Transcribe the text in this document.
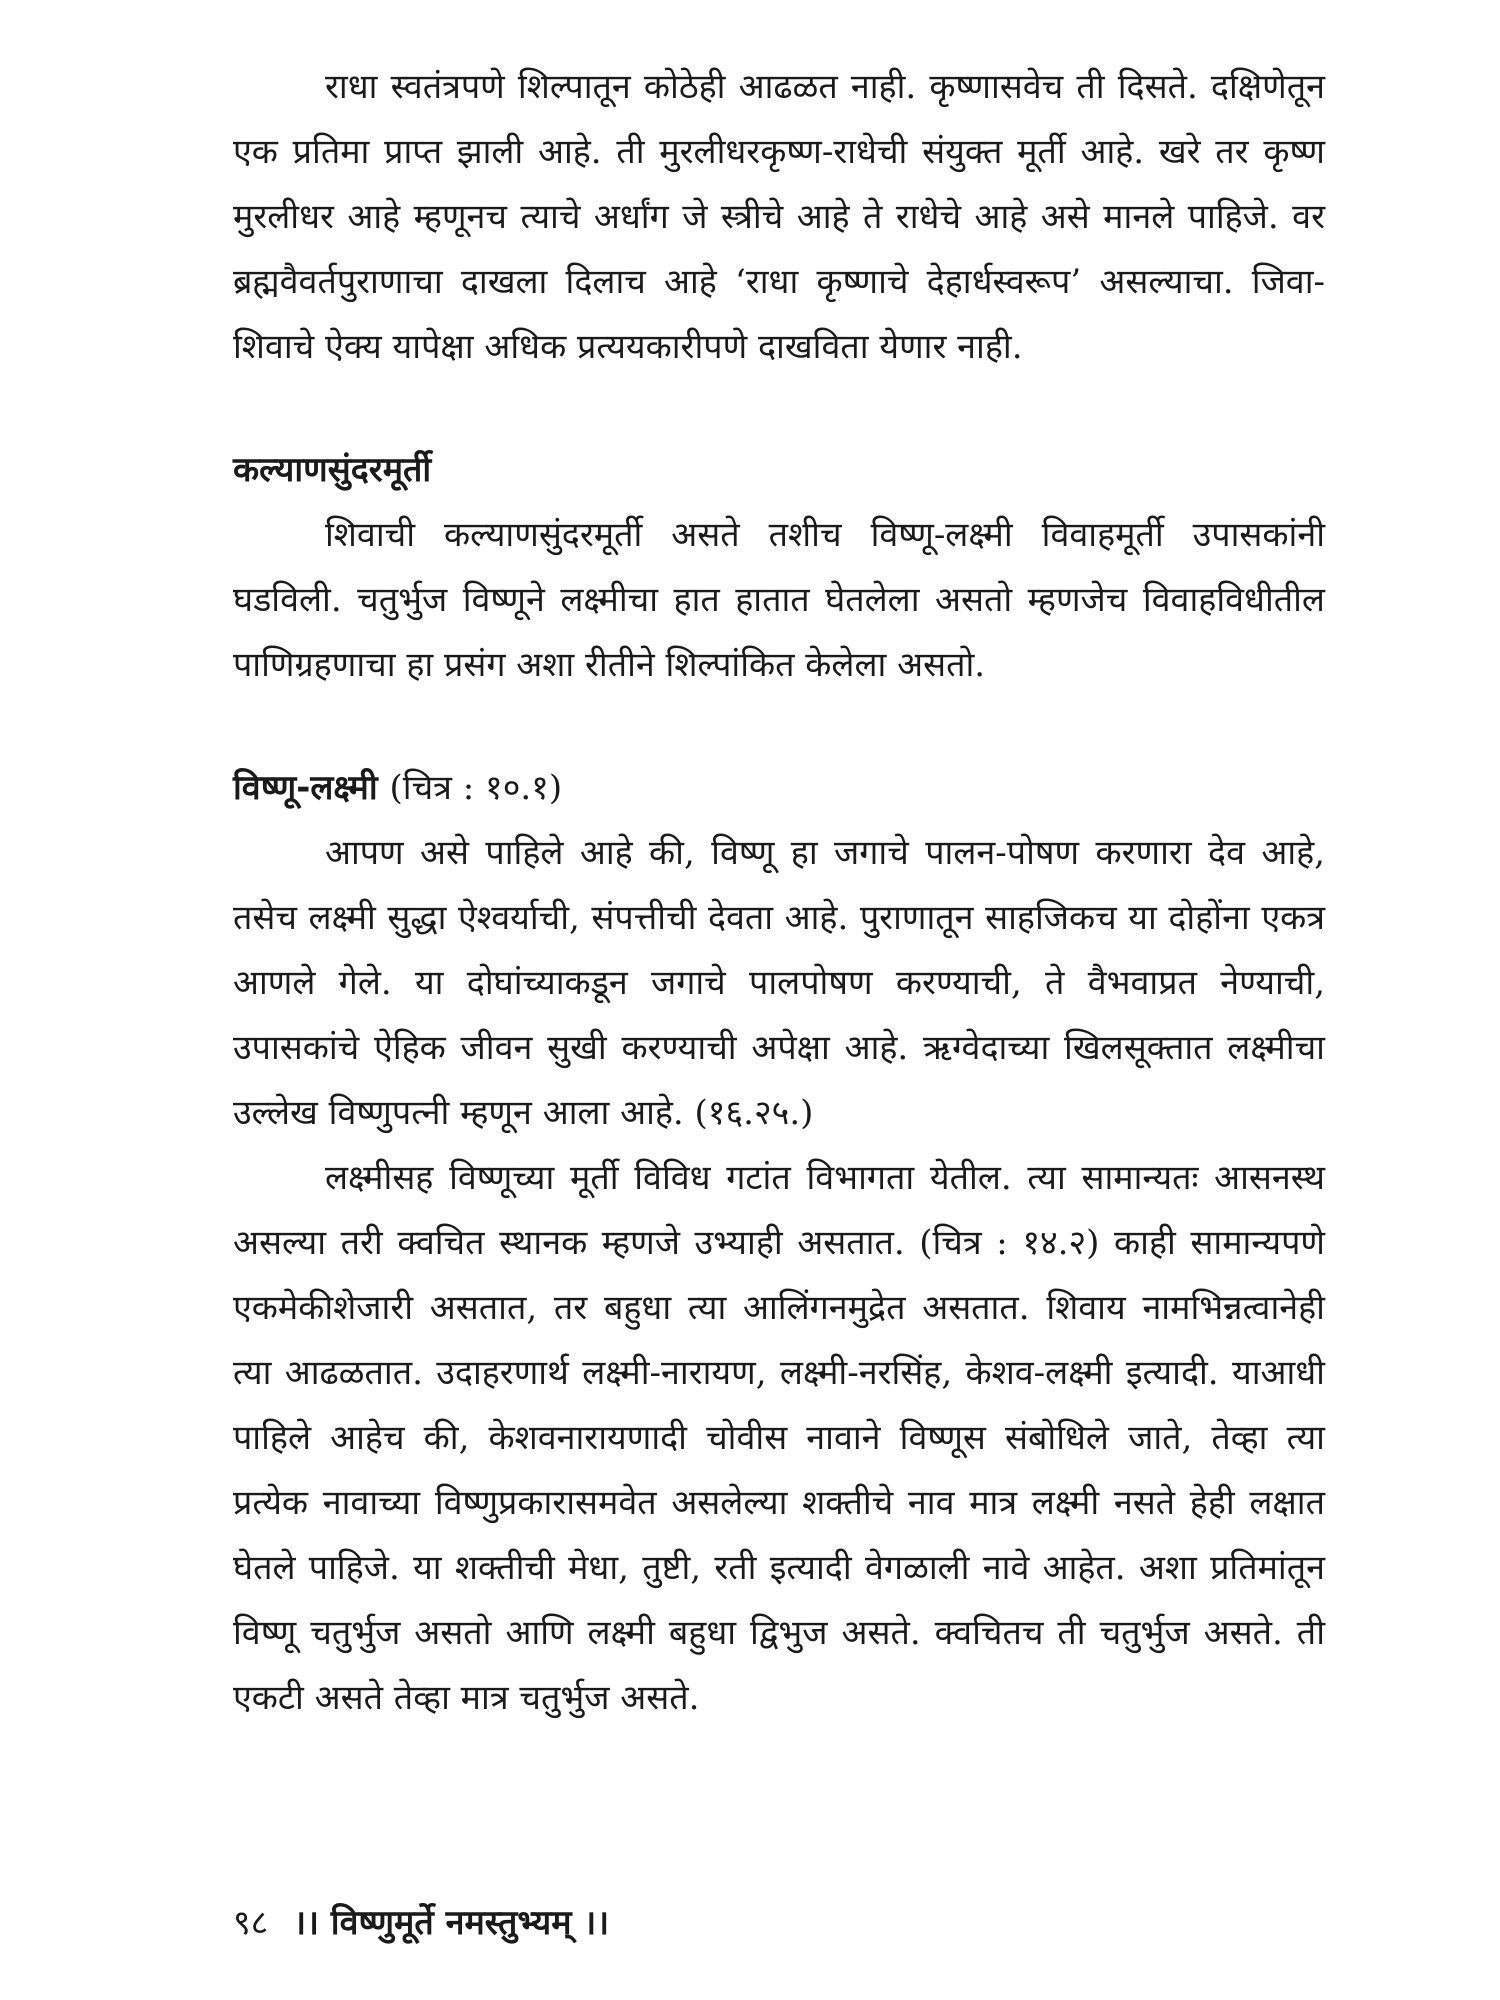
राधा स्वतंत्रपणे शिल्पातून कोठेही आढळत नाही. कृष्णासवेच ती दिसते. दक्षिणेतून एक प्रतिमा प्राप्त झाली आहे. ती मुरलीधरकृष्ण-राधेची संयुक्त मूर्ती आहे. खरे तर कृष्ण मुरलीधर आहे म्हणूनच त्याचे अर्धांग जे स्त्रीचे आहे ते राधेचे आहे असे मानले पाहिजे. वर ब्रह्मवैवर्तपुराणाचा दाखला दिलाच आहे ‘राधा कृष्णाचे देहार्धस्वरूप’ असल्याचा. जिवा-शिवाचे ऐक्य यापेक्षा अधिक प्रत्ययकारीपणे दाखविता येणार नाही.

कल्याणसुंदरमूर्ती

शिवाची कल्याणसुंदरमूर्ती असते तशीच विष्णू-लक्ष्मी विवाहमूर्ती उपासकांनी घडविली. चतुर्भुज विष्णूने लक्ष्मीचा हात हातात घेतलेला असतो म्हणजेच विवाहविधीतील पाणिग्रहणाचा हा प्रसंग अशा रीतीने शिल्पांकित केलेला असतो.

विष्णू-लक्ष्मी (चित्र : १०.१)

आपण असे पाहिले आहे की, विष्णू हा जगाचे पालन-पोषण करणारा देव आहे, तसेच लक्ष्मी सुद्धा ऐश्वर्याची, संपत्तीची देवता आहे. पुराणातून साहजिकच या दोहोंना एकत्र आणले गेले. या दोघांच्याकडून जगाचे पालपोषण करण्याची, ते वैभवाप्रत नेण्याची, उपासकांचे ऐहिक जीवन सुखी करण्याची अपेक्षा आहे. ऋग्वेदाच्या खिलसूक्तात लक्ष्मीचा उल्लेख विष्णुपत्नी म्हणून आला आहे. (१६.२५.)

लक्ष्मीसह विष्णूच्या मूर्ती विविध गटांत विभागता येतील. त्या सामान्यतः आसनस्थ असल्या तरी क्वचित स्थानक म्हणजे उभ्याही असतात. (चित्र : १४.२) काही सामान्यपणे एकमेकीशेजारी असतात, तर बहुधा त्या आलिंगनमुद्रेत असतात. शिवाय नामभिन्नत्वानेही त्या आढळतात. उदाहरणार्थ लक्ष्मी-नारायण, लक्ष्मी-नरसिंह, केशव-लक्ष्मी इत्यादी. याआधी पाहिले आहेच की, केशवनारायणादी चोवीस नावाने विष्णूस संबोधिले जाते, तेव्हा त्या प्रत्येक नावाच्या विष्णुप्रकारासमवेत असलेल्या शक्तीचे नाव मात्र लक्ष्मी नसते हेही लक्षात घेतले पाहिजे. या शक्तीची मेधा, तुष्टी, रती इत्यादी वेगळाली नावे आहेत. अशा प्रतिमांतून विष्णू चतुर्भुज असतो आणि लक्ष्मी बहुधा द्विभुज असते. क्वचितच ती चतुर्भुज असते. ती एकटी असते तेव्हा मात्र चतुर्भुज असते.

९८ ।। विष्णुमूर्ते नमस्तुभ्यम् ।।
